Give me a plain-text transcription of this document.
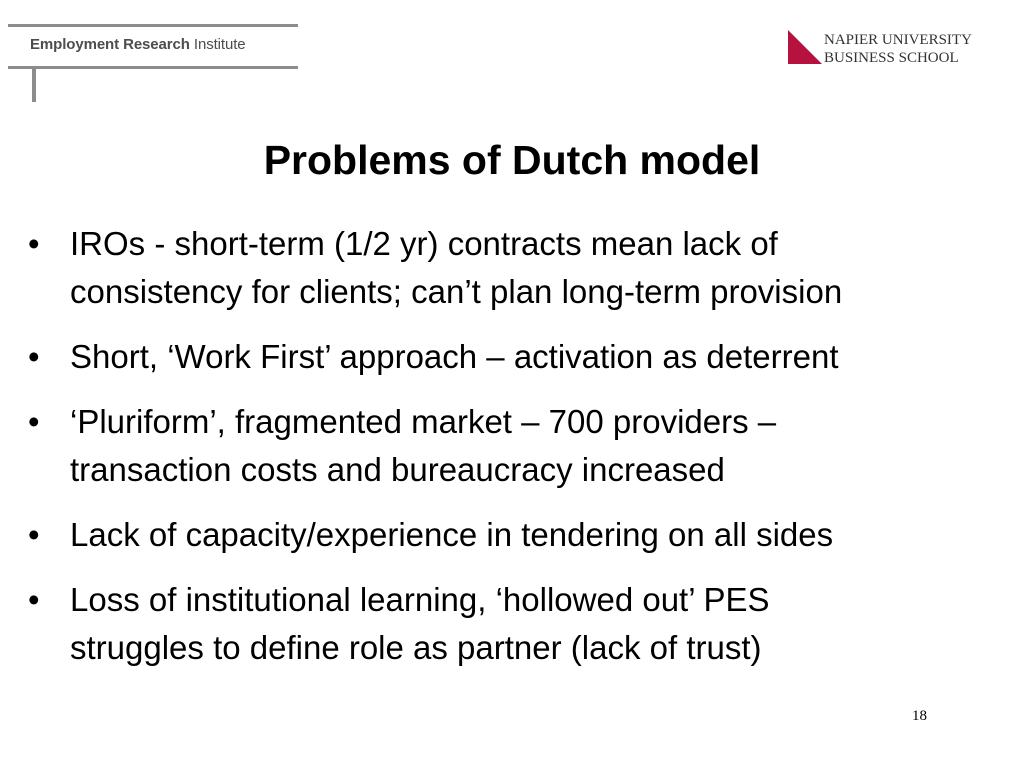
Employment Research Institute	NAPIER UNIVERSITY
BUSINESS SCHOOL
Problems of Dutch model
• IROs - short-term (1/2 yr) contracts mean lack of
consistency for clients; can’t plan long-term provision
• Short, ‘Work First’ approach – activation as deterrent
• ‘Pluriform’, fragmented market – 700 providers –
transaction costs and bureaucracy increased
• Lack of capacity/experience in tendering on all sides
• Loss of institutional learning, ‘hollowed out’ PES
struggles to define role as partner (lack of trust)
18
